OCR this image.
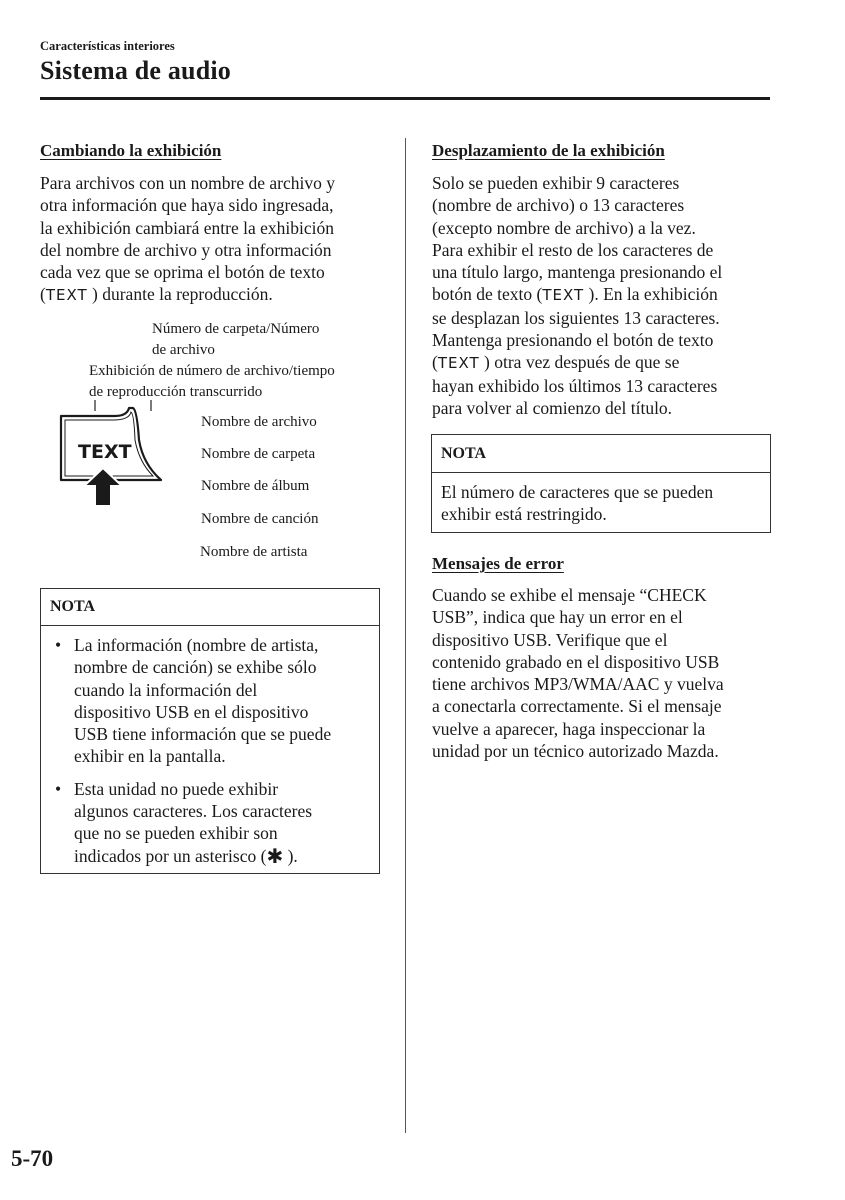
Características interiores
Sistema de audio
Cambiando la exhibición
Para archivos con un nombre de archivo y
otra información que haya sido ingresada,
la exhibición cambiará entre la exhibición
del nombre de archivo y otra información
cada vez que se oprima el botón de texto
(TEXT ) durante la reproducción.
Número de carpeta/Número
de archivo
Exhibición de número de archivo/tiempo
de reproducción transcurrido
TEXT
Nombre de archivo
Nombre de carpeta
Nombre de álbum
Nombre de canción
Nombre de artista
NOTA
• La información (nombre de artista,
nombre de canción) se exhibe sólo
cuando la información del
dispositivo USB en el dispositivo
USB tiene información que se puede
exhibir en la pantalla.
• Esta unidad no puede exhibir
algunos caracteres. Los caracteres
que no se pueden exhibir son
indicados por un asterisco (✱ ).
Desplazamiento de la exhibición
Solo se pueden exhibir 9 caracteres
(nombre de archivo) o 13 caracteres
(excepto nombre de archivo) a la vez.
Para exhibir el resto de los caracteres de
una título largo, mantenga presionando el
botón de texto (TEXT ). En la exhibición
se desplazan los siguientes 13 caracteres.
Mantenga presionando el botón de texto
(TEXT ) otra vez después de que se
hayan exhibido los últimos 13 caracteres
para volver al comienzo del título.
NOTA
El número de caracteres que se pueden
exhibir está restringido.
Mensajes de error
Cuando se exhibe el mensaje “CHECK
USB”, indica que hay un error en el
dispositivo USB. Verifique que el
contenido grabado en el dispositivo USB
tiene archivos MP3/WMA/AAC y vuelva
a conectarla correctamente. Si el mensaje
vuelve a aparecer, haga inspeccionar la
unidad por un técnico autorizado Mazda.
5-70
